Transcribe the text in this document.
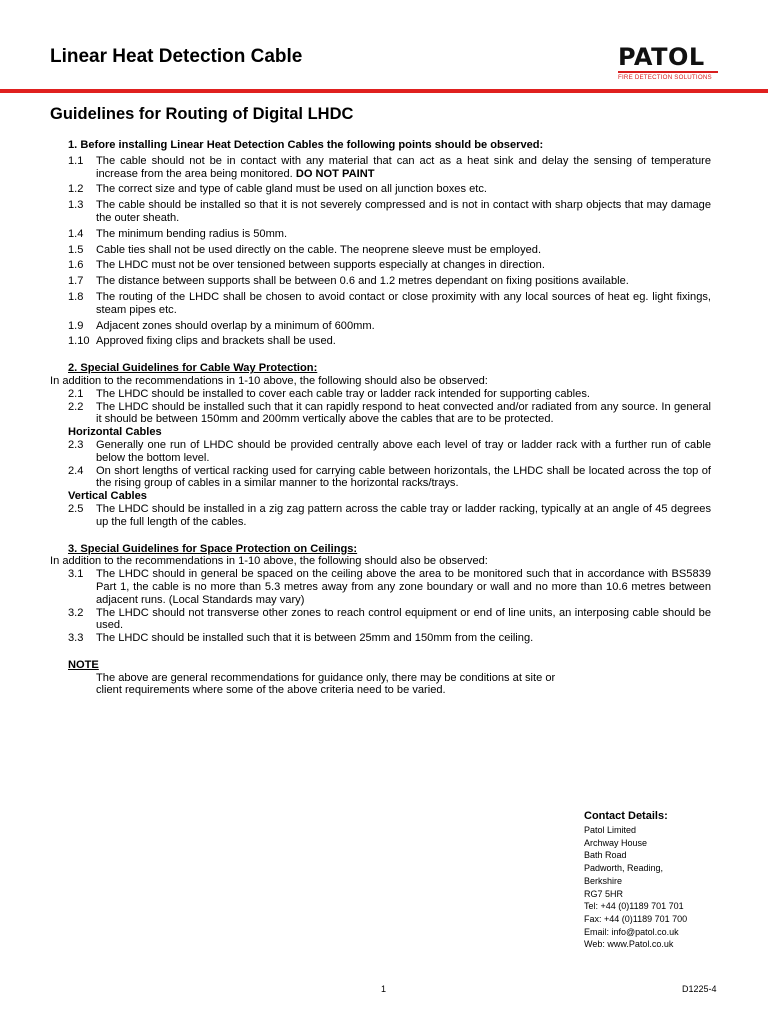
Linear Heat Detection Cable	PATOL
FIRE DETECTION SOLUTIONS
Guidelines for Routing of Digital LHDC
1. Before installing Linear Heat Detection Cables the following points should be observed:
1.1	The cable should not be in contact with any material that can act as a heat sink and delay the sensing of temperature increase from the area being monitored. DO NOT PAINT
1.2	The correct size and type of cable gland must be used on all junction boxes etc.
1.3	The cable should be installed so that it is not severely compressed and is not in contact with sharp objects that may damage the outer sheath.
1.4	The minimum bending radius is 50mm.
1.5	Cable ties shall not be used directly on the cable. The neoprene sleeve must be employed.
1.6	The LHDC must not be over tensioned between supports especially at changes in direction.
1.7	The distance between supports shall be between 0.6 and 1.2 metres dependant on fixing positions available.
1.8	The routing of the LHDC shall be chosen to avoid contact or close proximity with any local sources of heat eg. light fixings, steam pipes etc.
1.9	Adjacent zones should overlap by a minimum of 600mm.
1.10 Approved fixing clips and brackets shall be used.
2. Special Guidelines for Cable Way Protection:
In addition to the recommendations in 1-10 above, the following should also be observed:
2.1	The LHDC should be installed to cover each cable tray or ladder rack intended for supporting cables.
2.2	The LHDC should be installed such that it can rapidly respond to heat convected and/or radiated from any source. In general it should be between 150mm and 200mm vertically above the cables that are to be protected.
Horizontal Cables
2.3	Generally one run of LHDC should be provided centrally above each level of tray or ladder rack with a further run of cable below the bottom level.
2.4	On short lengths of vertical racking used for carrying cable between horizontals, the LHDC shall be located across the top of the rising group of cables in a similar manner to the horizontal racks/trays.
Vertical Cables
2.5	The LHDC should be installed in a zig zag pattern across the cable tray or ladder racking, typically at an angle of 45 degrees up the full length of the cables.
3. Special Guidelines for Space Protection on Ceilings:
In addition to the recommendations in 1-10 above, the following should also be observed:
3.1	The LHDC should in general be spaced on the ceiling above the area to be monitored such that in accordance with BS5839 Part 1, the cable is no more than 5.3 metres away from any zone boundary or wall and no more than 10.6 metres between adjacent runs. (Local Standards may vary)
3.2	The LHDC should not transverse other zones to reach control equipment or end of line units, an interposing cable should be used.
3.3	The LHDC should be installed such that it is between 25mm and 150mm from the ceiling.
NOTE
The above are general recommendations for guidance only, there may be conditions at site or client requirements where some of the above criteria need to be varied.
Contact Details:
Patol Limited
Archway House
Bath Road
Padworth, Reading,
Berkshire
RG7 5HR
Tel: +44 (0)1189 701 701
Fax: +44 (0)1189 701 700
Email: info@patol.co.uk
Web: www.Patol.co.uk
1	D1225-4
